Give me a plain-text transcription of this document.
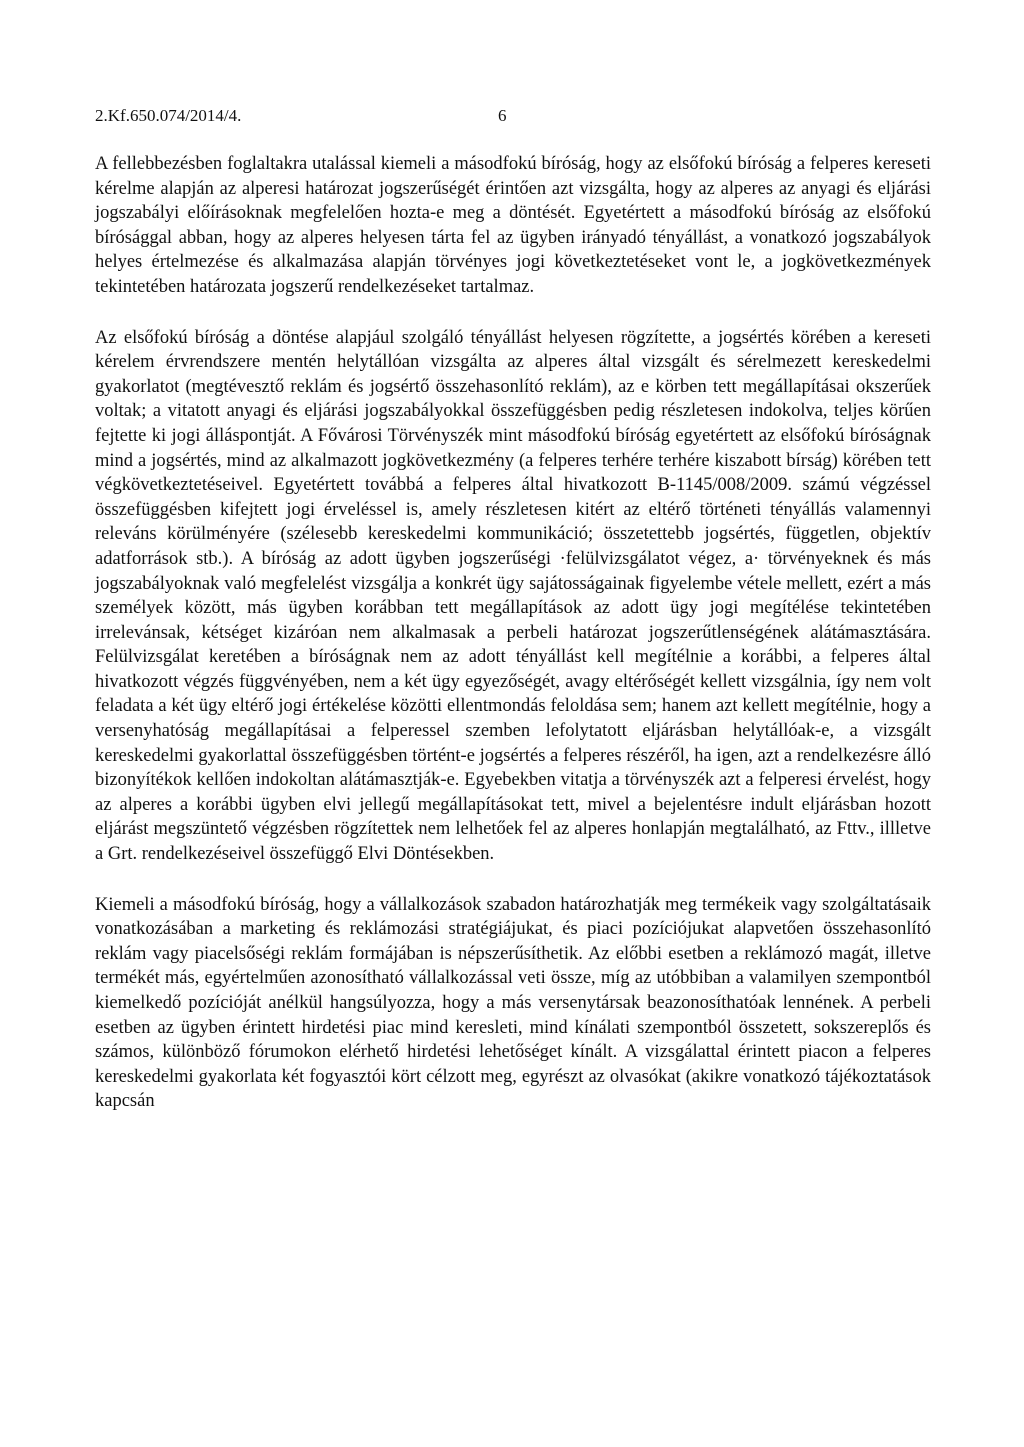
2.Kf.650.074/2014/4.	6

A fellebbezésben foglaltakra utalással kiemeli a másodfokú bíróság, hogy az elsőfokú bíróság a felperes kereseti kérelme alapján az alperesi határozat jogszerűségét érintően azt vizsgálta, hogy az alperes az anyagi és eljárási jogszabályi előírásoknak megfelelően hozta-e meg a döntését. Egyetértett a másodfokú bíróság az elsőfokú bírósággal abban, hogy az alperes helyesen tárta fel az ügyben irányadó tényállást, a vonatkozó jogszabályok helyes értelmezése és alkalmazása alapján törvényes jogi következtetéseket vont le, a jogkövetkezmények tekintetében határozata jogszerű rendelkezéseket tartalmaz.

Az elsőfokú bíróság a döntése alapjául szolgáló tényállást helyesen rögzítette, a jogsértés körében a kereseti kérelem érvrendszere mentén helytállóan vizsgálta az alperes által vizsgált és sérelmezett kereskedelmi gyakorlatot (megtévesztő reklám és jogsértő összehasonlító reklám), az e körben tett megállapításai okszerűek voltak; a vitatott anyagi és eljárási jogszabályokkal összefüggésben pedig részletesen indokolva, teljes körűen fejtette ki jogi álláspontját. A Fővárosi Törvényszék mint másodfokú bíróság egyetértett az elsőfokú bíróságnak mind a jogsértés, mind az alkalmazott jogkövetkezmény (a felperes terhére terhére kiszabott bírság) körében tett végkövetkeztetéseivel. Egyetértett továbbá a felperes által hivatkozott B-1145/008/2009. számú végzéssel összefüggésben kifejtett jogi érveléssel is, amely részletesen kitért az eltérő történeti tényállás valamennyi releváns körülményére (szélesebb kereskedelmi kommunikáció; összetettebb jogsértés, független, objektív adatforrások stb.). A bíróság az adott ügyben jogszerűségi ·felülvizsgálatot végez, a· törvényeknek és más jogszabályoknak való megfelelést vizsgálja a konkrét ügy sajátosságainak figyelembe vétele mellett, ezért a más személyek között, más ügyben korábban tett megállapítások az adott ügy jogi megítélése tekintetében irrelevánsak, kétséget kizáróan nem alkalmasak a perbeli határozat jogszerűtlenségének alátámasztására. Felülvizsgálat keretében a bíróságnak nem az adott tényállást kell megítélnie a korábbi, a felperes által hivatkozott végzés függvényében, nem a két ügy egyezőségét, avagy eltérőségét kellett vizsgálnia, így nem volt feladata a két ügy eltérő jogi értékelése közötti ellentmondás feloldása sem; hanem azt kellett megítélnie, hogy a versenyhatóság megállapításai a felperessel szemben lefolytatott eljárásban helytállóak-e, a vizsgált kereskedelmi gyakorlattal összefüggésben történt-e jogsértés a felperes részéről, ha igen, azt a rendelkezésre álló bizonyítékok kellően indokoltan alátámasztják-e. Egyebekben vitatja a törvényszék azt a felperesi érvelést, hogy az alperes a korábbi ügyben elvi jellegű megállapításokat tett, mivel a bejelentésre indult eljárásban hozott eljárást megszüntető végzésben rögzítettek nem lelhetőek fel az alperes honlapján megtalálható, az Fttv., illletve a Grt. rendelkezéseivel összefüggő Elvi Döntésekben.

Kiemeli a másodfokú bíróság, hogy a vállalkozások szabadon határozhatják meg termékeik vagy szolgáltatásaik vonatkozásában a marketing és reklámozási stratégiájukat, és piaci pozíciójukat alapvetően összehasonlító reklám vagy piacelsőségi reklám formájában is népszerűsíthetik. Az előbbi esetben a reklámozó magát, illetve termékét más, egyértelműen azonosítható vállalkozással veti össze, míg az utóbbiban a valamilyen szempontból kiemelkedő pozícióját anélkül hangsúlyozza, hogy a más versenytársak beazonosíthatóak lennének. A perbeli esetben az ügyben érintett hirdetési piac mind keresleti, mind kínálati szempontból összetett, sokszereplős és számos, különböző fórumokon elérhető hirdetési lehetőséget kínált. A vizsgálattal érintett piacon a felperes kereskedelmi gyakorlata két fogyasztói kört célzott meg, egyrészt az olvasókat (akikre vonatkozó tájékoztatások kapcsán
